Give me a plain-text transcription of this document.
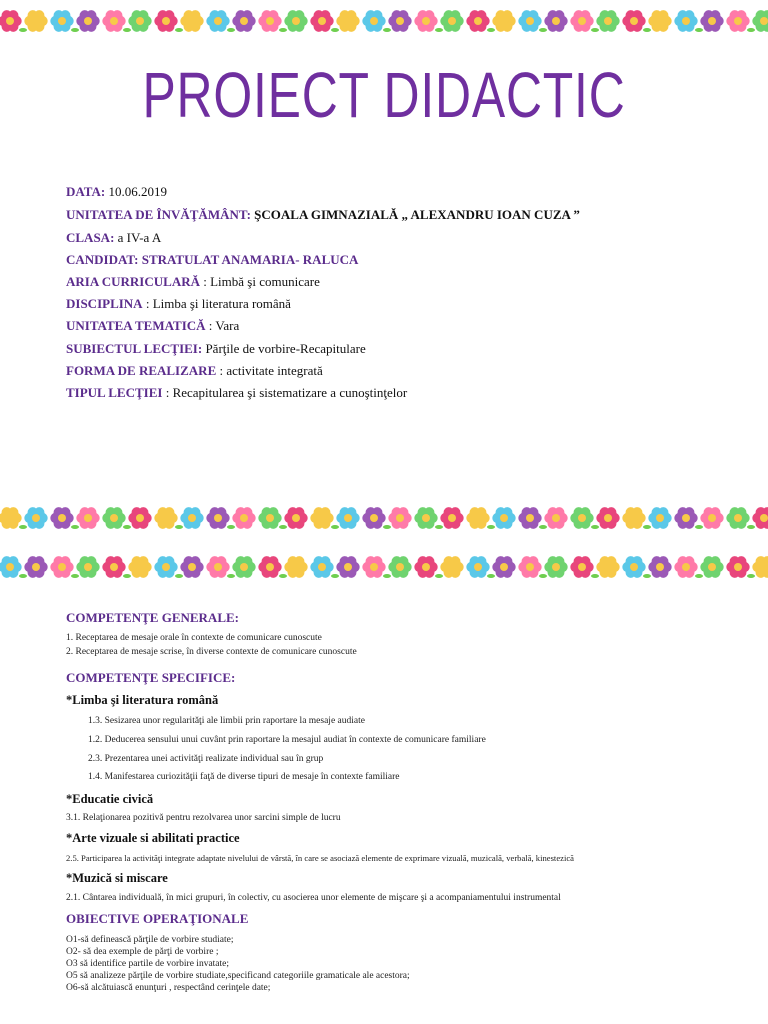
PROIECT DIDACTIC
DATA: 10.06.2019
UNITATEA DE ÎNVĂŢĂMÂNT: ŞCOALA GIMNAZIALĂ „ ALEXANDRU IOAN CUZA ”
CLASA: a IV-a A
CANDIDAT: STRATULAT ANAMARIA- RALUCA
ARIA CURRICULARĂ : Limbă şi comunicare
DISCIPLINA : Limba şi literatura română
UNITATEA TEMATICĂ : Vara
SUBIECTUL LECŢIEI: Părţile de vorbire-Recapitulare
FORMA DE REALIZARE : activitate integrată
TIPUL LECŢIEI : Recapitularea şi sistematizare a cunoştinţelor
COMPETENŢE GENERALE:
1. Receptarea de mesaje orale în contexte de comunicare cunoscute
2. Receptarea de mesaje scrise, în diverse contexte de comunicare cunoscute
COMPETENŢE SPECIFICE:
*Limba şi literatura română
1.3. Sesizarea unor regularităţi ale limbii prin raportare la mesaje audiate
1.2. Deducerea sensului unui cuvânt prin raportare la mesajul audiat în contexte de comunicare familiare
2.3. Prezentarea unei activităţi realizate individual sau în grup
1.4. Manifestarea curiozităţii faţă de diverse tipuri de mesaje în contexte familiare
*Educatie civică
3.1. Relaţionarea pozitivă pentru rezolvarea unor sarcini simple de lucru
*Arte vizuale si abilitati practice
2.5. Participarea la activităţi integrate adaptate nivelului de vârstă, în care se asociază elemente de exprimare vizuală, muzicală, verbală, kinestezică
*Muzică si miscare
2.1. Cântarea individuală, în mici grupuri, în colectiv, cu asocierea unor elemente de mişcare şi a acompaniamentului instrumental
OBIECTIVE OPERAŢIONALE
O1-să definească părţile de vorbire studiate;
O2- să dea exemple de părţi de vorbire ;
O3 să identifice partile de vorbire invatate;
O5 să analizeze părţile de vorbire studiate,specificand categoriile gramaticale ale acestora;
O6-să alcătuiască enunţuri , respectând cerinţele date;
